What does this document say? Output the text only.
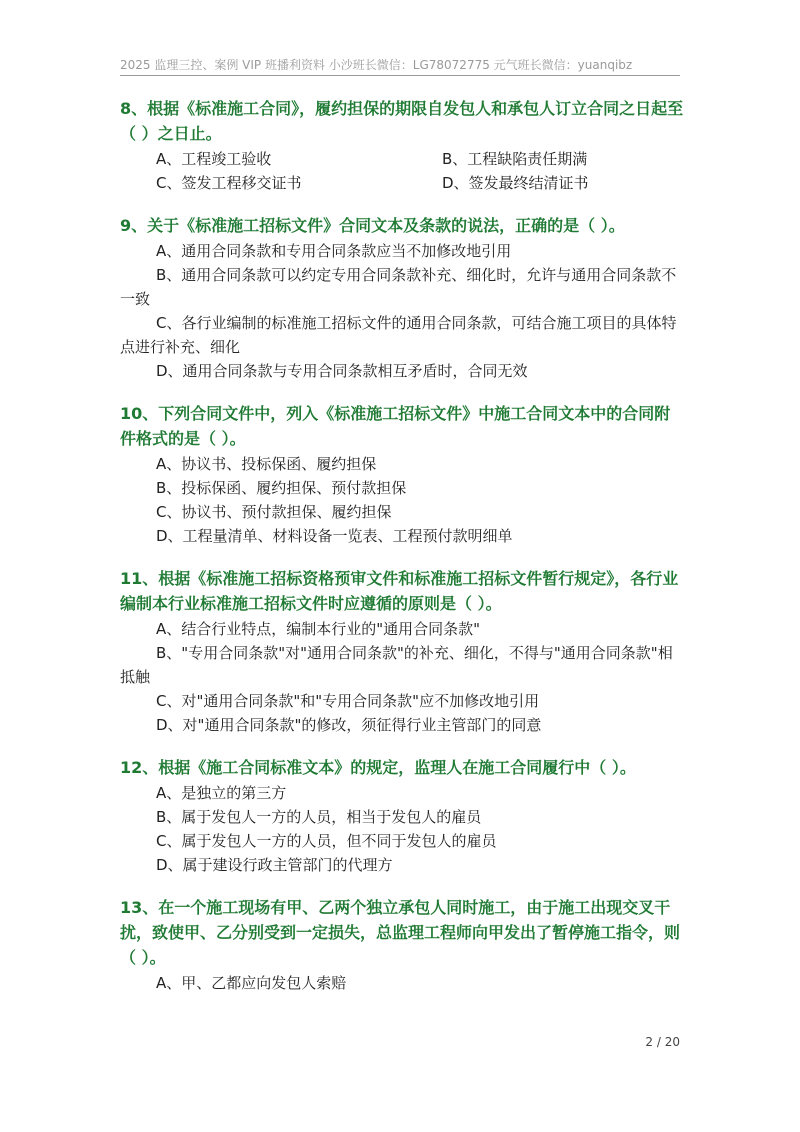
2025 监理三控、案例 VIP 班播利资料 小沙班长微信：LG78072775 元气班长微信：yuanqibz
8、根据《标准施工合同》，履约担保的期限自发包人和承包人订立合同之日起至（ ）之日止。
A、工程竣工验收	B、工程缺陷责任期满
C、签发工程移交证书	D、签发最终结清证书
9、关于《标准施工招标文件》合同文本及条款的说法，正确的是（ ）。
A、通用合同条款和专用合同条款应当不加修改地引用
B、通用合同条款可以约定专用合同条款补充、细化时，允许与通用合同条款不一致
C、各行业编制的标准施工招标文件的通用合同条款，可结合施工项目的具体特点进行补充、细化
D、通用合同条款与专用合同条款相互矛盾时，合同无效
10、下列合同文件中，列入《标准施工招标文件》中施工合同文本中的合同附件格式的是（ ）。
A、协议书、投标保函、履约担保
B、投标保函、履约担保、预付款担保
C、协议书、预付款担保、履约担保
D、工程量清单、材料设备一览表、工程预付款明细单
11、根据《标准施工招标资格预审文件和标准施工招标文件暂行规定》，各行业编制本行业标准施工招标文件时应遵循的原则是（ ）。
A、结合行业特点，编制本行业的"通用合同条款"
B、"专用合同条款"对"通用合同条款"的补充、细化，不得与"通用合同条款"相抵触
C、对"通用合同条款"和"专用合同条款"应不加修改地引用
D、对"通用合同条款"的修改，须征得行业主管部门的同意
12、根据《施工合同标准文本》的规定，监理人在施工合同履行中（ ）。
A、是独立的第三方
B、属于发包人一方的人员，相当于发包人的雇员
C、属于发包人一方的人员，但不同于发包人的雇员
D、属于建设行政主管部门的代理方
13、在一个施工现场有甲、乙两个独立承包人同时施工，由于施工出现交叉干扰，致使甲、乙分别受到一定损失，总监理工程师向甲发出了暂停施工指令，则（ ）。
A、甲、乙都应向发包人索赔
2 / 20
